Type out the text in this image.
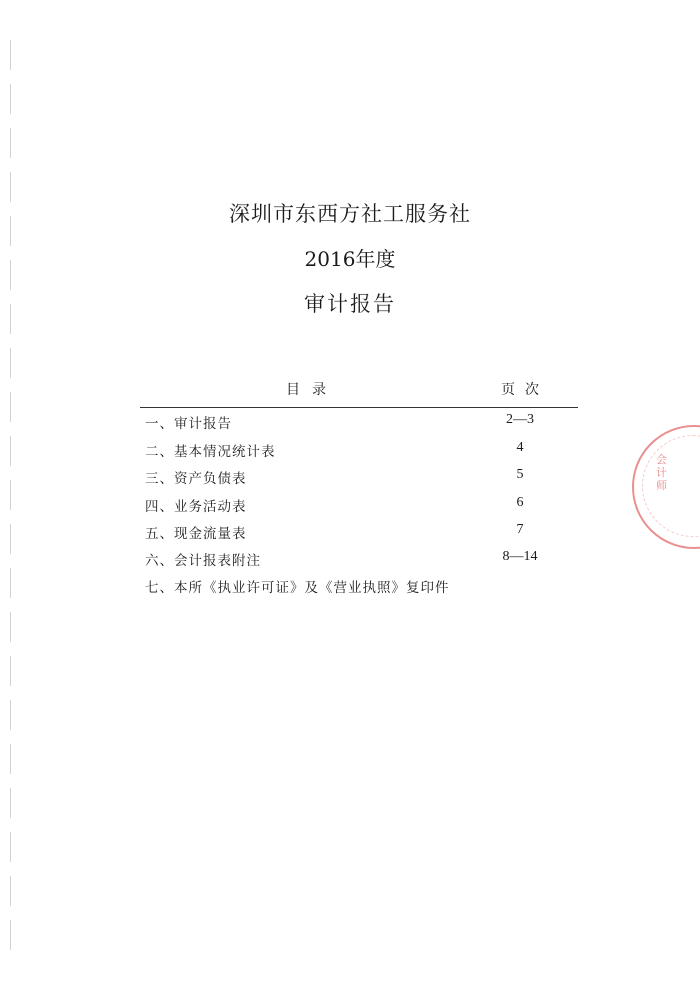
深圳市东西方社工服务社
2016年度
审计报告
目录	页次
一、审计报告	2—3
二、基本情况统计表	4
三、资产负债表	5
四、业务活动表	6
五、现金流量表	7
六、会计报表附注	8—14
七、本所《执业许可证》及《营业执照》复印件
会
计
师
